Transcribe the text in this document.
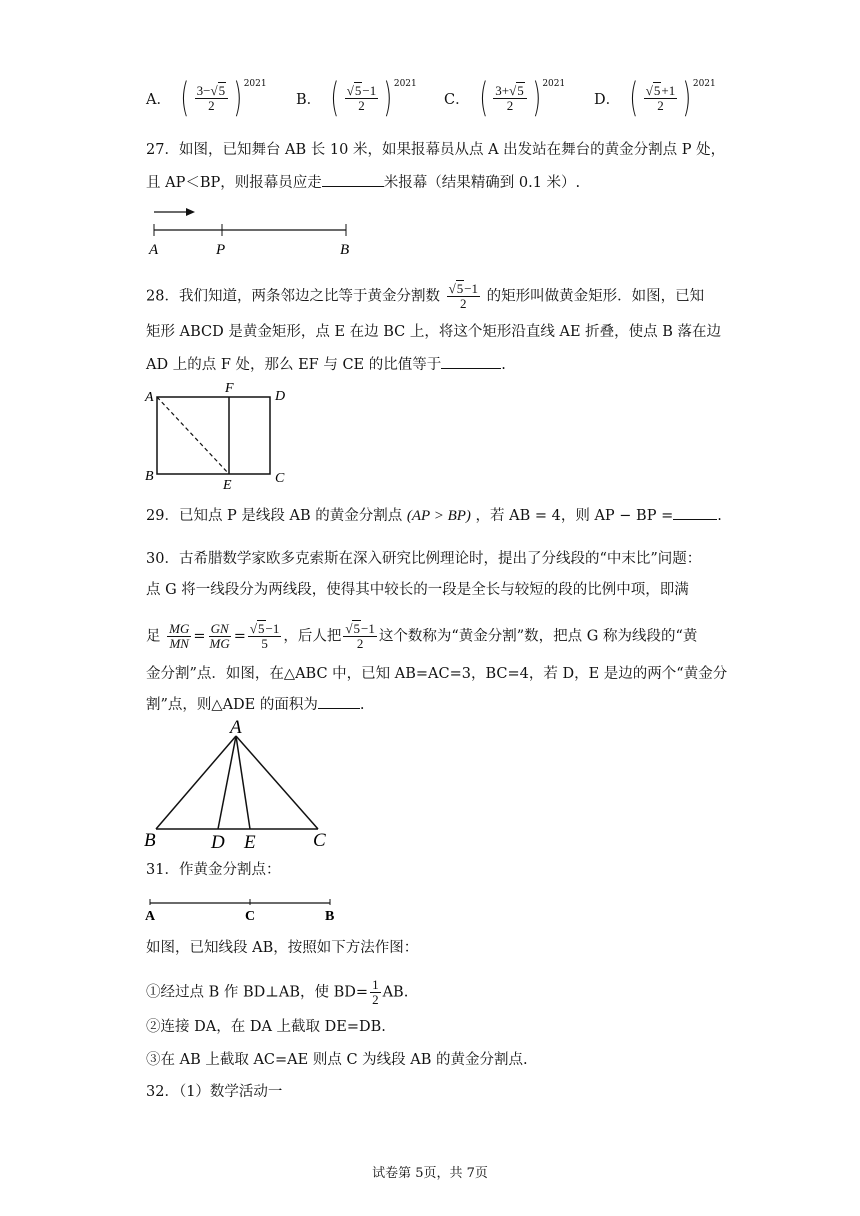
A． ( $\frac{3-√5}{2}$ ) 2021
B． ( $\frac{√5-1}{2}$ ) 2021
C． ( $\frac{3+√5}{2}$ ) 2021
D． ( $\frac{√5+1}{2}$ ) 2021
27．如图，已知舞台 AB 长 10 米，如果报幕员从点 A 出发站在舞台的黄金分割点 P 处，
且 AP＜BP，则报幕员应走	米报幕（结果精确到 0.1 米）.
A	P	B
28．我们知道，两条邻边之比等于黄金分割数 $\frac{√5-1}{2}$ 的矩形叫做黄金矩形．如图，已知
矩形 ABCD 是黄金矩形，点 E 在边 BC 上，将这个矩形沿直线 AE 折叠，使点 B 落在边
AD 上的点 F 处，那么 EF 与 CE 的比值等于	.
A
F
D
B
E	C
29．已知点 P 是线段 AB 的黄金分割点 (AP > BP) ，若 AB = 4，则 AP − BP =	.
30．古希腊数学家欧多克索斯在深入研究比例理论时，提出了分线段的“中末比”问题：
点 G 将一线段分为两线段，使得其中较长的一段是全长与较短的段的比例中项，即满
足 $\frac{MG}{MN} = \frac{GN}{MG} = \frac{√5-1}{5}$ ，后人把 $\frac{√5-1}{2}$ 这个数称为“黄金分割”数，把点 G 称为线段的“黄
金分割”点．如图，在△ABC 中，已知 AB=AC=3，BC=4，若 D，E 是边的两个“黄金分
割”点，则△ADE 的面积为	.
A
B	D E	C
31．作黄金分割点：
A	C	B
如图，已知线段 AB，按照如下方法作图：
①经过点 B 作 BD⊥AB，使 $BD= \frac{1}{2}$ AB.
②连接 DA，在 DA 上截取 DE=DB.
③在 AB 上截取 AC=AE 则点 C 为线段 AB 的黄金分割点.
32．（1）数学活动一
试卷第 5页，共 7页
